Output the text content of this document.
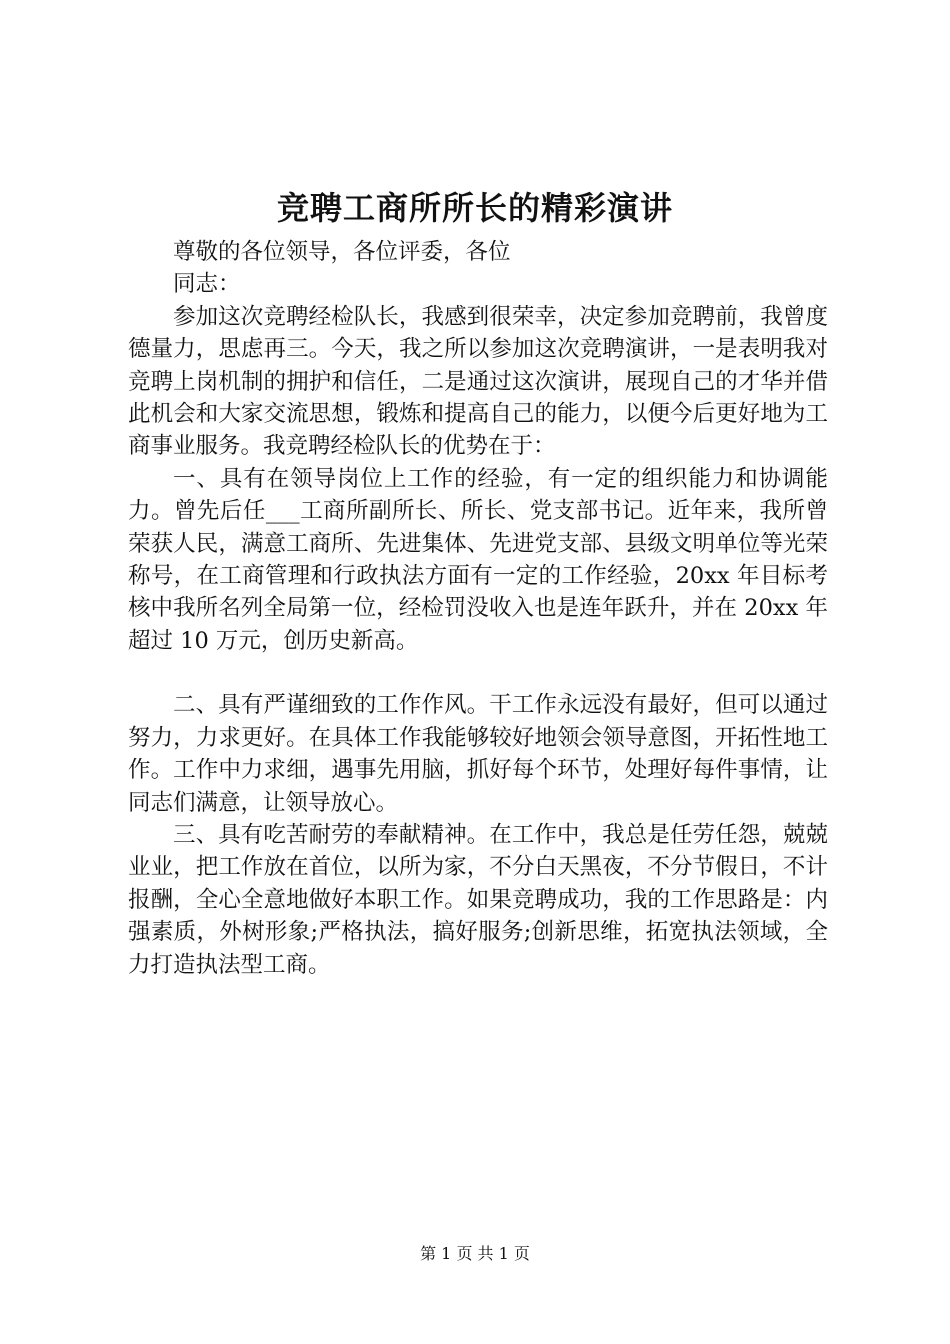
竞聘工商所所长的精彩演讲

尊敬的各位领导，各位评委，各位

同志：

参加这次竞聘经检队长，我感到很荣幸，决定参加竞聘前，我曾度德量力，思虑再三。今天，我之所以参加这次竞聘演讲，一是表明我对竞聘上岗机制的拥护和信任，二是通过这次演讲，展现自己的才华并借此机会和大家交流思想，锻炼和提高自己的能力，以便今后更好地为工商事业服务。我竞聘经检队长的优势在于：

一、具有在领导岗位上工作的经验，有一定的组织能力和协调能力。曾先后任___工商所副所长、所长、党支部书记。近年来，我所曾荣获人民，满意工商所、先进集体、先进党支部、县级文明单位等光荣称号，在工商管理和行政执法方面有一定的工作经验，20xx 年目标考核中我所名列全局第一位，经检罚没收入也是连年跃升，并在 20xx 年超过 10 万元，创历史新高。

二、具有严谨细致的工作作风。干工作永远没有最好，但可以通过努力，力求更好。在具体工作我能够较好地领会领导意图，开拓性地工作。工作中力求细，遇事先用脑，抓好每个环节，处理好每件事情，让同志们满意，让领导放心。

三、具有吃苦耐劳的奉献精神。在工作中，我总是任劳任怨，兢兢业业，把工作放在首位，以所为家，不分白天黑夜，不分节假日，不计报酬，全心全意地做好本职工作。如果竞聘成功，我的工作思路是：内强素质，外树形象;严格执法，搞好服务;创新思维，拓宽执法领域，全力打造执法型工商。

第 1 页 共 1 页
